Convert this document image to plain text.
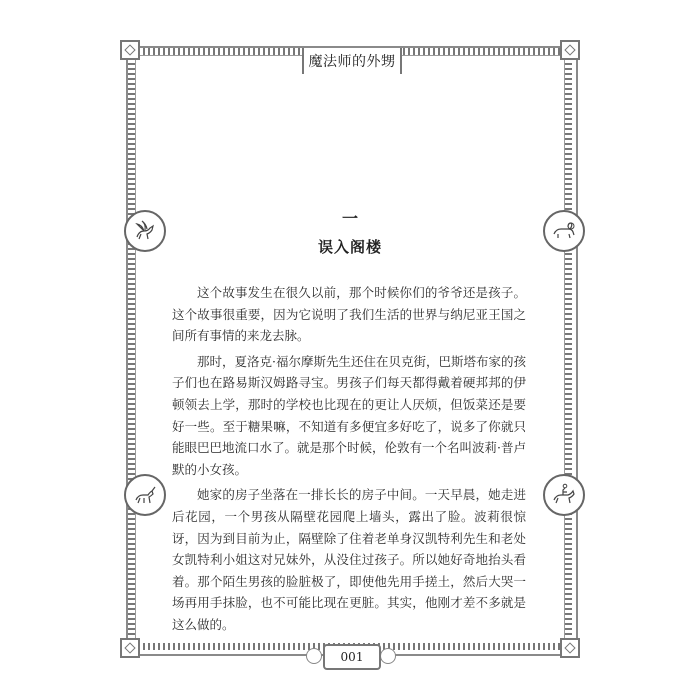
魔法师的外甥
一
误入阁楼

这个故事发生在很久以前，那个时候你们的爷爷还是孩子。这个故事很重要，因为它说明了我们生活的世界与纳尼亚王国之间所有事情的来龙去脉。

那时，夏洛克·福尔摩斯先生还住在贝克街，巴斯塔布家的孩子们也在路易斯汉姆路寻宝。男孩子们每天都得戴着硬邦邦的伊顿领去上学，那时的学校也比现在的更让人厌烦，但饭菜还是要好一些。至于糖果嘛，不知道有多便宜多好吃了，说多了你就只能眼巴巴地流口水了。就是那个时候，伦敦有一个名叫波莉·普卢默的小女孩。

她家的房子坐落在一排长长的房子中间。一天早晨，她走进后花园，一个男孩从隔壁花园爬上墙头，露出了脸。波莉很惊讶，因为到目前为止，隔壁除了住着老单身汉凯特利先生和老处女凯特利小姐这对兄妹外，从没住过孩子。所以她好奇地抬头看着。那个陌生男孩的脸脏极了，即使他先用手搓土，然后大哭一场再用手抹脸，也不可能比现在更脏。其实，他刚才差不多就是这么做的。

001
